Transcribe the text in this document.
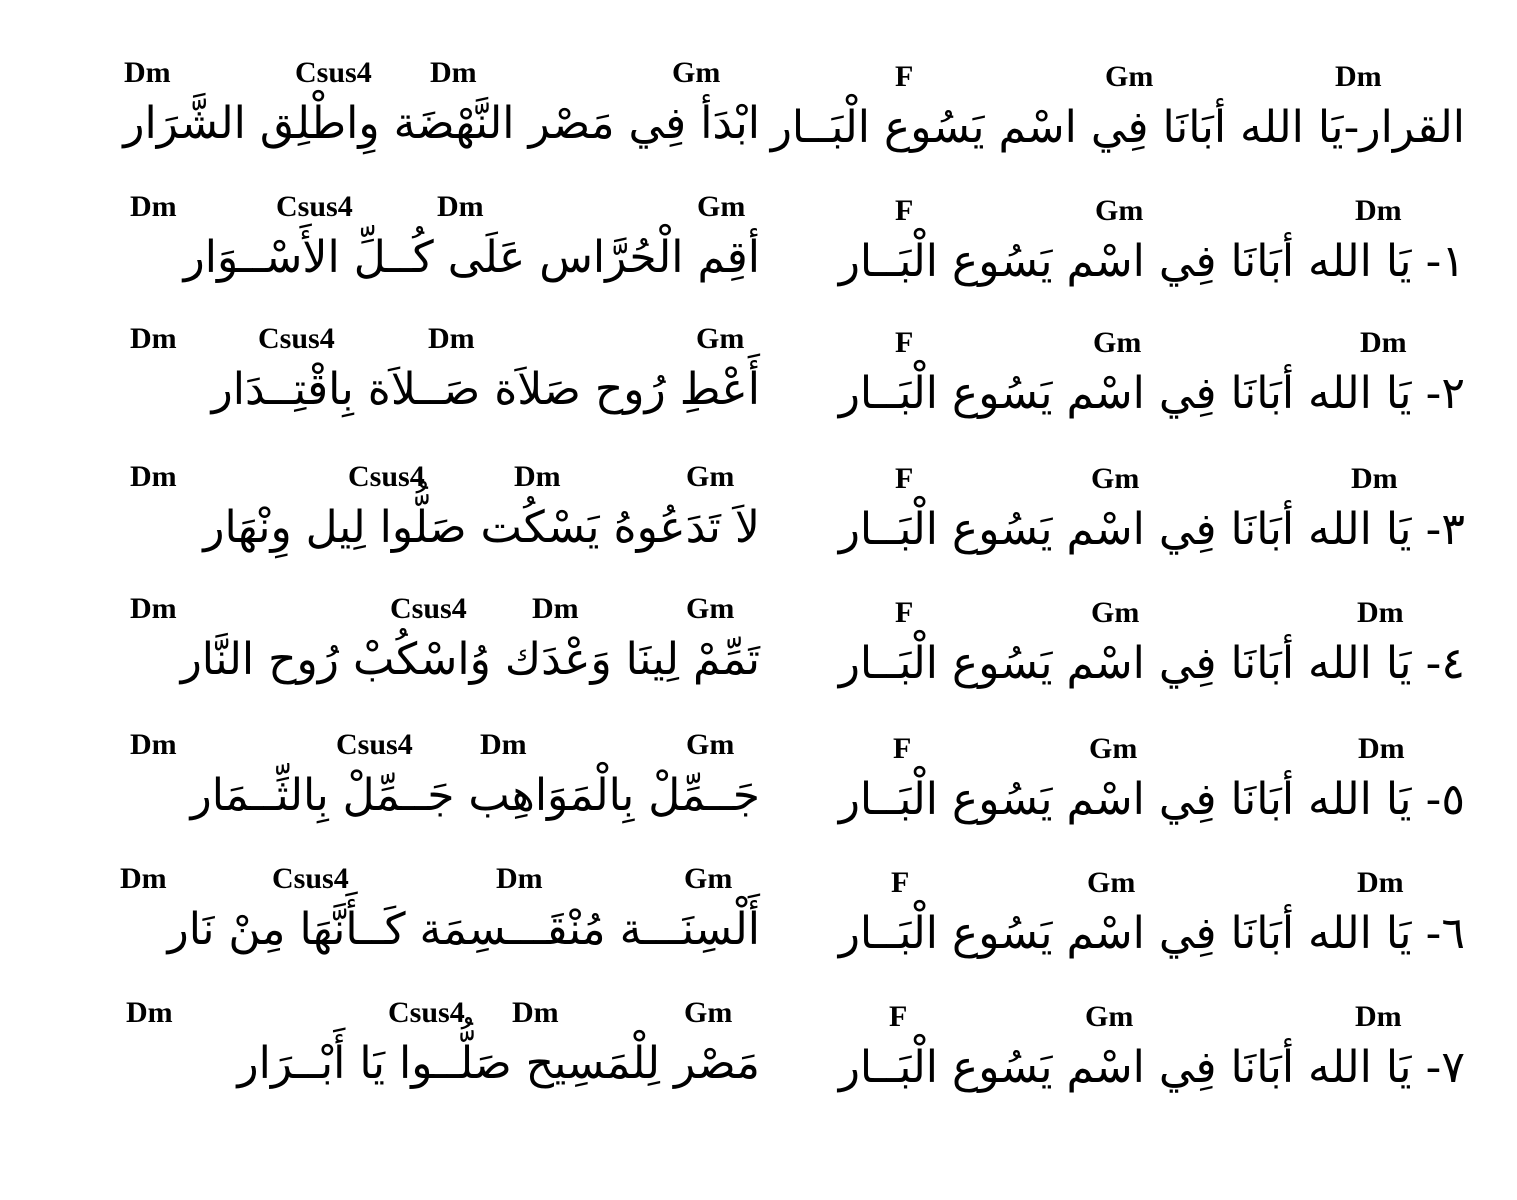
F	Gm	Dm
القرار-يَا الله أبَانَا فِي اسْم يَسُوع الْبَــار
F	Gm	Dm
١- يَا الله أبَانَا فِي اسْم يَسُوع الْبَــار
F	Gm	Dm
٢- يَا الله أبَانَا فِي اسْم يَسُوع الْبَــار
F	Gm	Dm
٣- يَا الله أبَانَا فِي اسْم يَسُوع الْبَــار
F	Gm	Dm
٤- يَا الله أبَانَا فِي اسْم يَسُوع الْبَــار
F	Gm	Dm
٥- يَا الله أبَانَا فِي اسْم يَسُوع الْبَــار
F	Gm	Dm
٦- يَا الله أبَانَا فِي اسْم يَسُوع الْبَــار
F	Gm	Dm
٧- يَا الله أبَانَا فِي اسْم يَسُوع الْبَــار
Dm	Csus4 Dm	Gm
ابْدَأ فِي مَصْر النَّهْضَة وِاطْلِق الشَّرَار
Dm	Csus4	Dm	Gm
أقِم الْحُرَّاس عَلَى كُــلِّ الأَسْــوَار
Dm	Csus4	Dm	Gm
أَعْطِ رُوح صَلاَة صَــلاَة بِاقْتِــدَار
Dm	Csus4	Dm	Gm
لاَ تَدَعُوهُ يَسْكُت صَلُّوا لِيل وِنْهَار
Dm	Csus4 Dm	Gm
تَمِّمْ لِينَا وَعْدَك وُاسْكُبْ رُوح النَّار
Dm	Csus4 Dm	Gm
جَــمِّلْ بِالْمَوَاهِب جَــمِّلْ بِالثِّــمَار
Dm	Csus4	Dm	Gm
أَلْسِنَـــة مُنْقَـــسِمَة كَــأَنَّهَا مِنْ نَار
Dm	Csus4 Dm	Gm
مَصْر لِلْمَسِيح صَلُّــوا يَا أَبْــرَار
